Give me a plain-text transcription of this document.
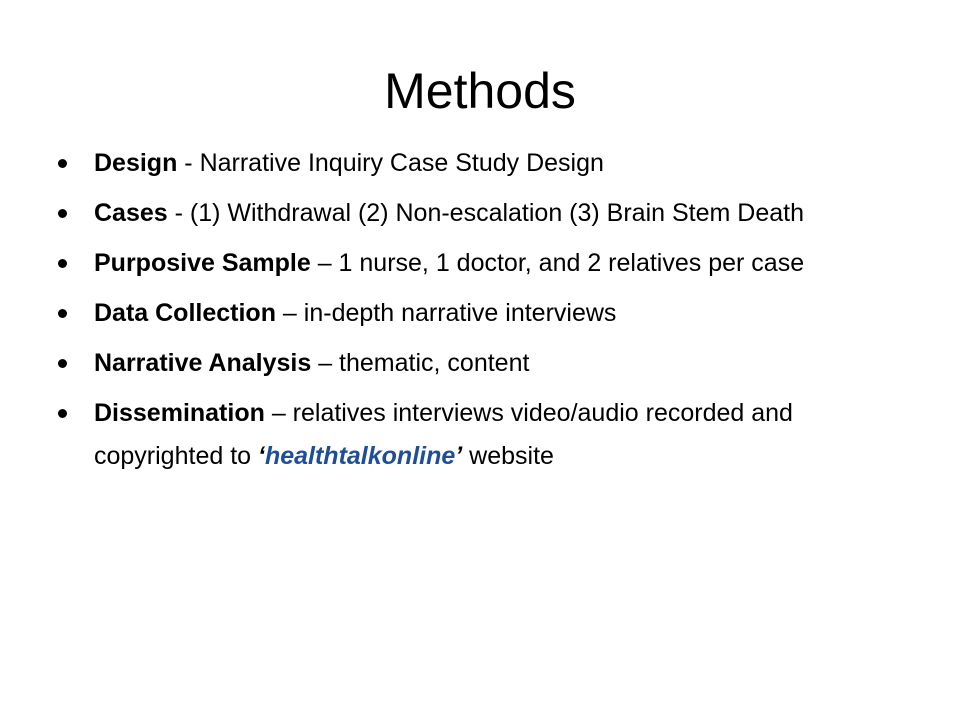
Methods
Design - Narrative Inquiry Case Study Design
Cases - (1) Withdrawal (2) Non-escalation (3) Brain Stem Death
Purposive Sample – 1 nurse, 1 doctor, and 2 relatives per case
Data Collection – in-depth narrative interviews
Narrative Analysis – thematic, content
Dissemination – relatives interviews video/audio recorded and copyrighted to ‘healthtalkonline’ website
